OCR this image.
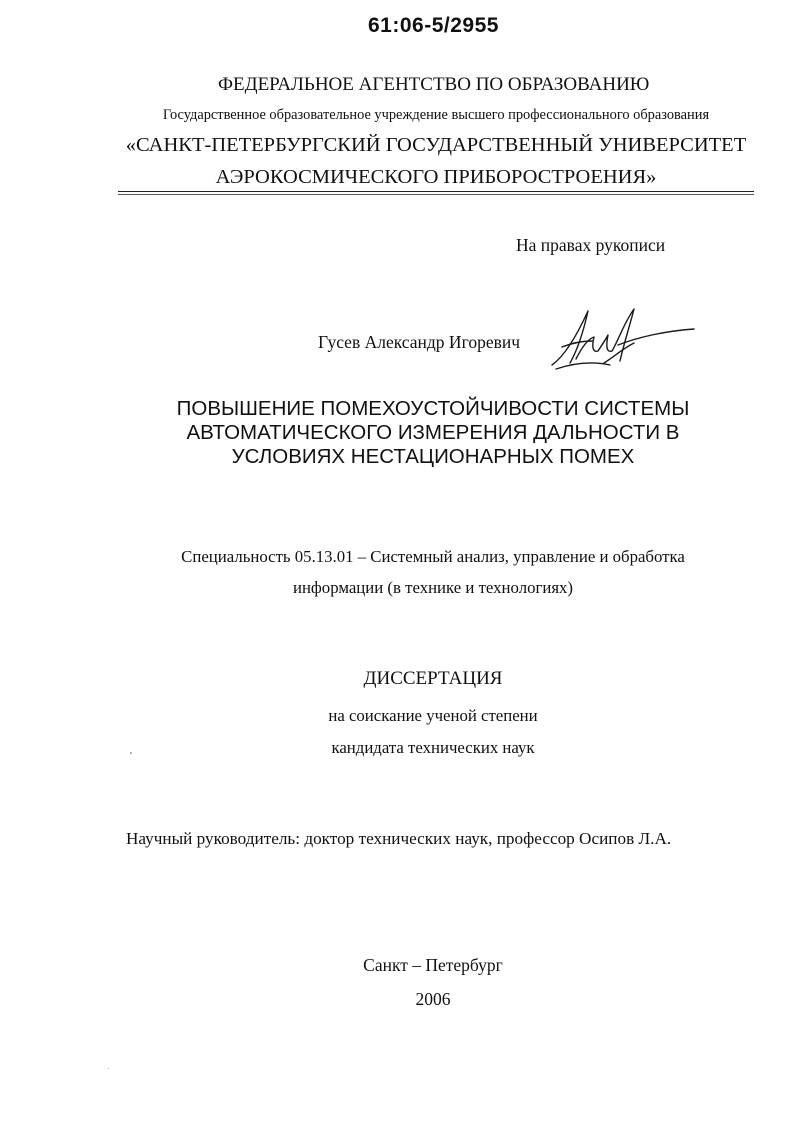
61:06-5/2955
ФЕДЕРАЛЬНОЕ АГЕНТСТВО ПО ОБРАЗОВАНИЮ
Государственное образовательное учреждение высшего профессионального образования
«САНКТ-ПЕТЕРБУРГСКИЙ ГОСУДАРСТВЕННЫЙ УНИВЕРСИТЕТ
АЭРОКОСМИЧЕСКОГО ПРИБОРОСТРОЕНИЯ»
На правах рукописи
Гусев Александр Игоревич
ПОВЫШЕНИЕ ПОМЕХОУСТОЙЧИВОСТИ СИСТЕМЫ
АВТОМАТИЧЕСКОГО ИЗМЕРЕНИЯ ДАЛЬНОСТИ В
УСЛОВИЯХ НЕСТАЦИОНАРНЫХ ПОМЕХ
Специальность 05.13.01 – Системный анализ, управление и обработка
информации (в технике и технологиях)
ДИССЕРТАЦИЯ
на соискание ученой степени
кандидата технических наук
Научный руководитель: доктор технических наук, профессор Осипов Л.А.
Санкт – Петербург
2006
